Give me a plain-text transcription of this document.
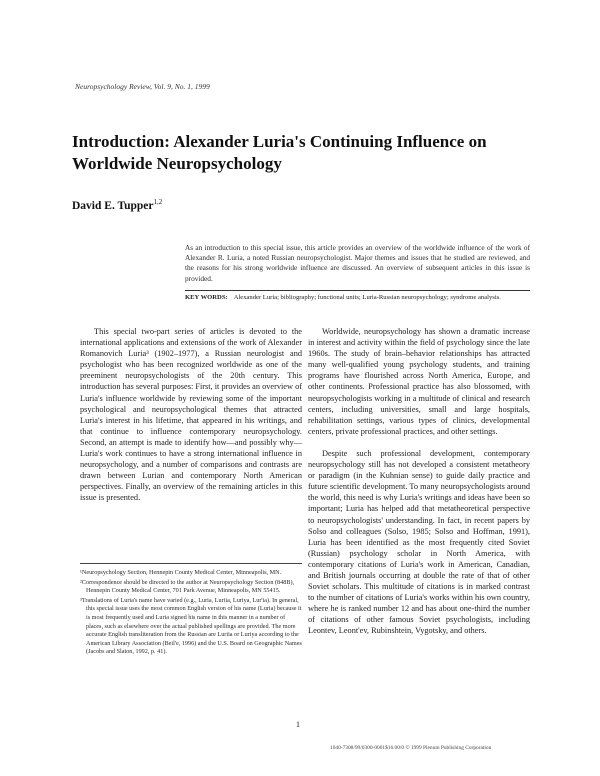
Neuropsychology Review, Vol. 9, No. 1, 1999
Introduction: Alexander Luria's Continuing Influence on Worldwide Neuropsychology
David E. Tupper$^{1,2}$
As an introduction to this special issue, this article provides an overview of the worldwide influence of the work of Alexander R. Luria, a noted Russian neuropsychologist. Major themes and issues that he studied are reviewed, and the reasons for his strong worldwide influence are discussed. An overview of subsequent articles in this issue is provided.
KEY WORDS: Alexander Luria; bibliography; functional units; Luria-Russian neuropsychology; syndrome analysis.

This special two-part series of articles is devoted to the international applications and extensions of the work of Alexander Romanovich Luria³ (1902–1977), a Russian neurologist and psychologist who has been recognized worldwide as one of the preeminent neuropsychologists of the 20th century. This introduction has several purposes: First, it provides an overview of Luria's influence worldwide by reviewing some of the important psychological and neuropsychological themes that attracted Luria's interest in his lifetime, that appeared in his writings, and that continue to influence contemporary neuropsychology. Second, an attempt is made to identify how—and possibly why—Luria's work continues to have a strong international influence in neuropsychology, and a number of comparisons and contrasts are drawn between Lurian and contemporary North American perspectives. Finally, an overview of the remaining articles in this issue is presented.

Worldwide, neuropsychology has shown a dramatic increase in interest and activity within the field of psychology since the late 1960s. The study of brain–behavior relationships has attracted many well-qualified young psychology students, and training programs have flourished across North America, Europe, and other continents. Professional practice has also blossomed, with neuropsychologists working in a multitude of clinical and research centers, including universities, small and large hospitals, rehabilitation settings, various types of clinics, developmental centers, private professional practices, and other settings.

Despite such professional development, contemporary neuropsychology still has not developed a consistent metatheory or paradigm (in the Kuhnian sense) to guide daily practice and future scientific development. To many neuropsychologists around the world, this need is why Luria's writings and ideas have been so important; Luria has helped add that metatheoretical perspective to neuropsychologists' understanding. In fact, in recent papers by Solso and colleagues (Solso, 1985; Solso and Hoffman, 1991), Luria has been identified as the most frequently cited Soviet (Russian) psychology scholar in North America, with contemporary citations of Luria's work in American, Canadian, and British journals occurring at double the rate of that of other Soviet scholars. This multitude of citations is in marked contrast to the number of citations of Luria's works within his own country, where he is ranked number 12 and has about one-third the number of citations of other famous Soviet psychologists, including Leontev, Leont'ev, Rubinshtein, Vygotsky, and others.

¹Neuropsychology Section, Hennepin County Medical Center, Minneapolis, MN.

²Correspondence should be directed to the author at Neuropsychology Section (848B), Hennepin County Medical Center, 701 Park Avenue, Minneapolis, MN 55415.

³Translations of Luria's name have varied (e.g., Luria, Luriia, Luriya, Lur'ia). In general, this special issue uses the most common English version of his name (Luria) because it is most frequently used and Luria signed his name in this manner in a number of places, such as elsewhere over the actual published spellings are provided. The more accurate English transliteration from the Russian are Luriia or Luriya according to the American Library Association (Beil'e, 1996) and the U.S. Board on Geographic Names (Jacobs and Slaton, 1992, p. 41).

1
1040-7308/99/0300-0001$16.00/0 © 1999 Plenum Publishing Corporation
